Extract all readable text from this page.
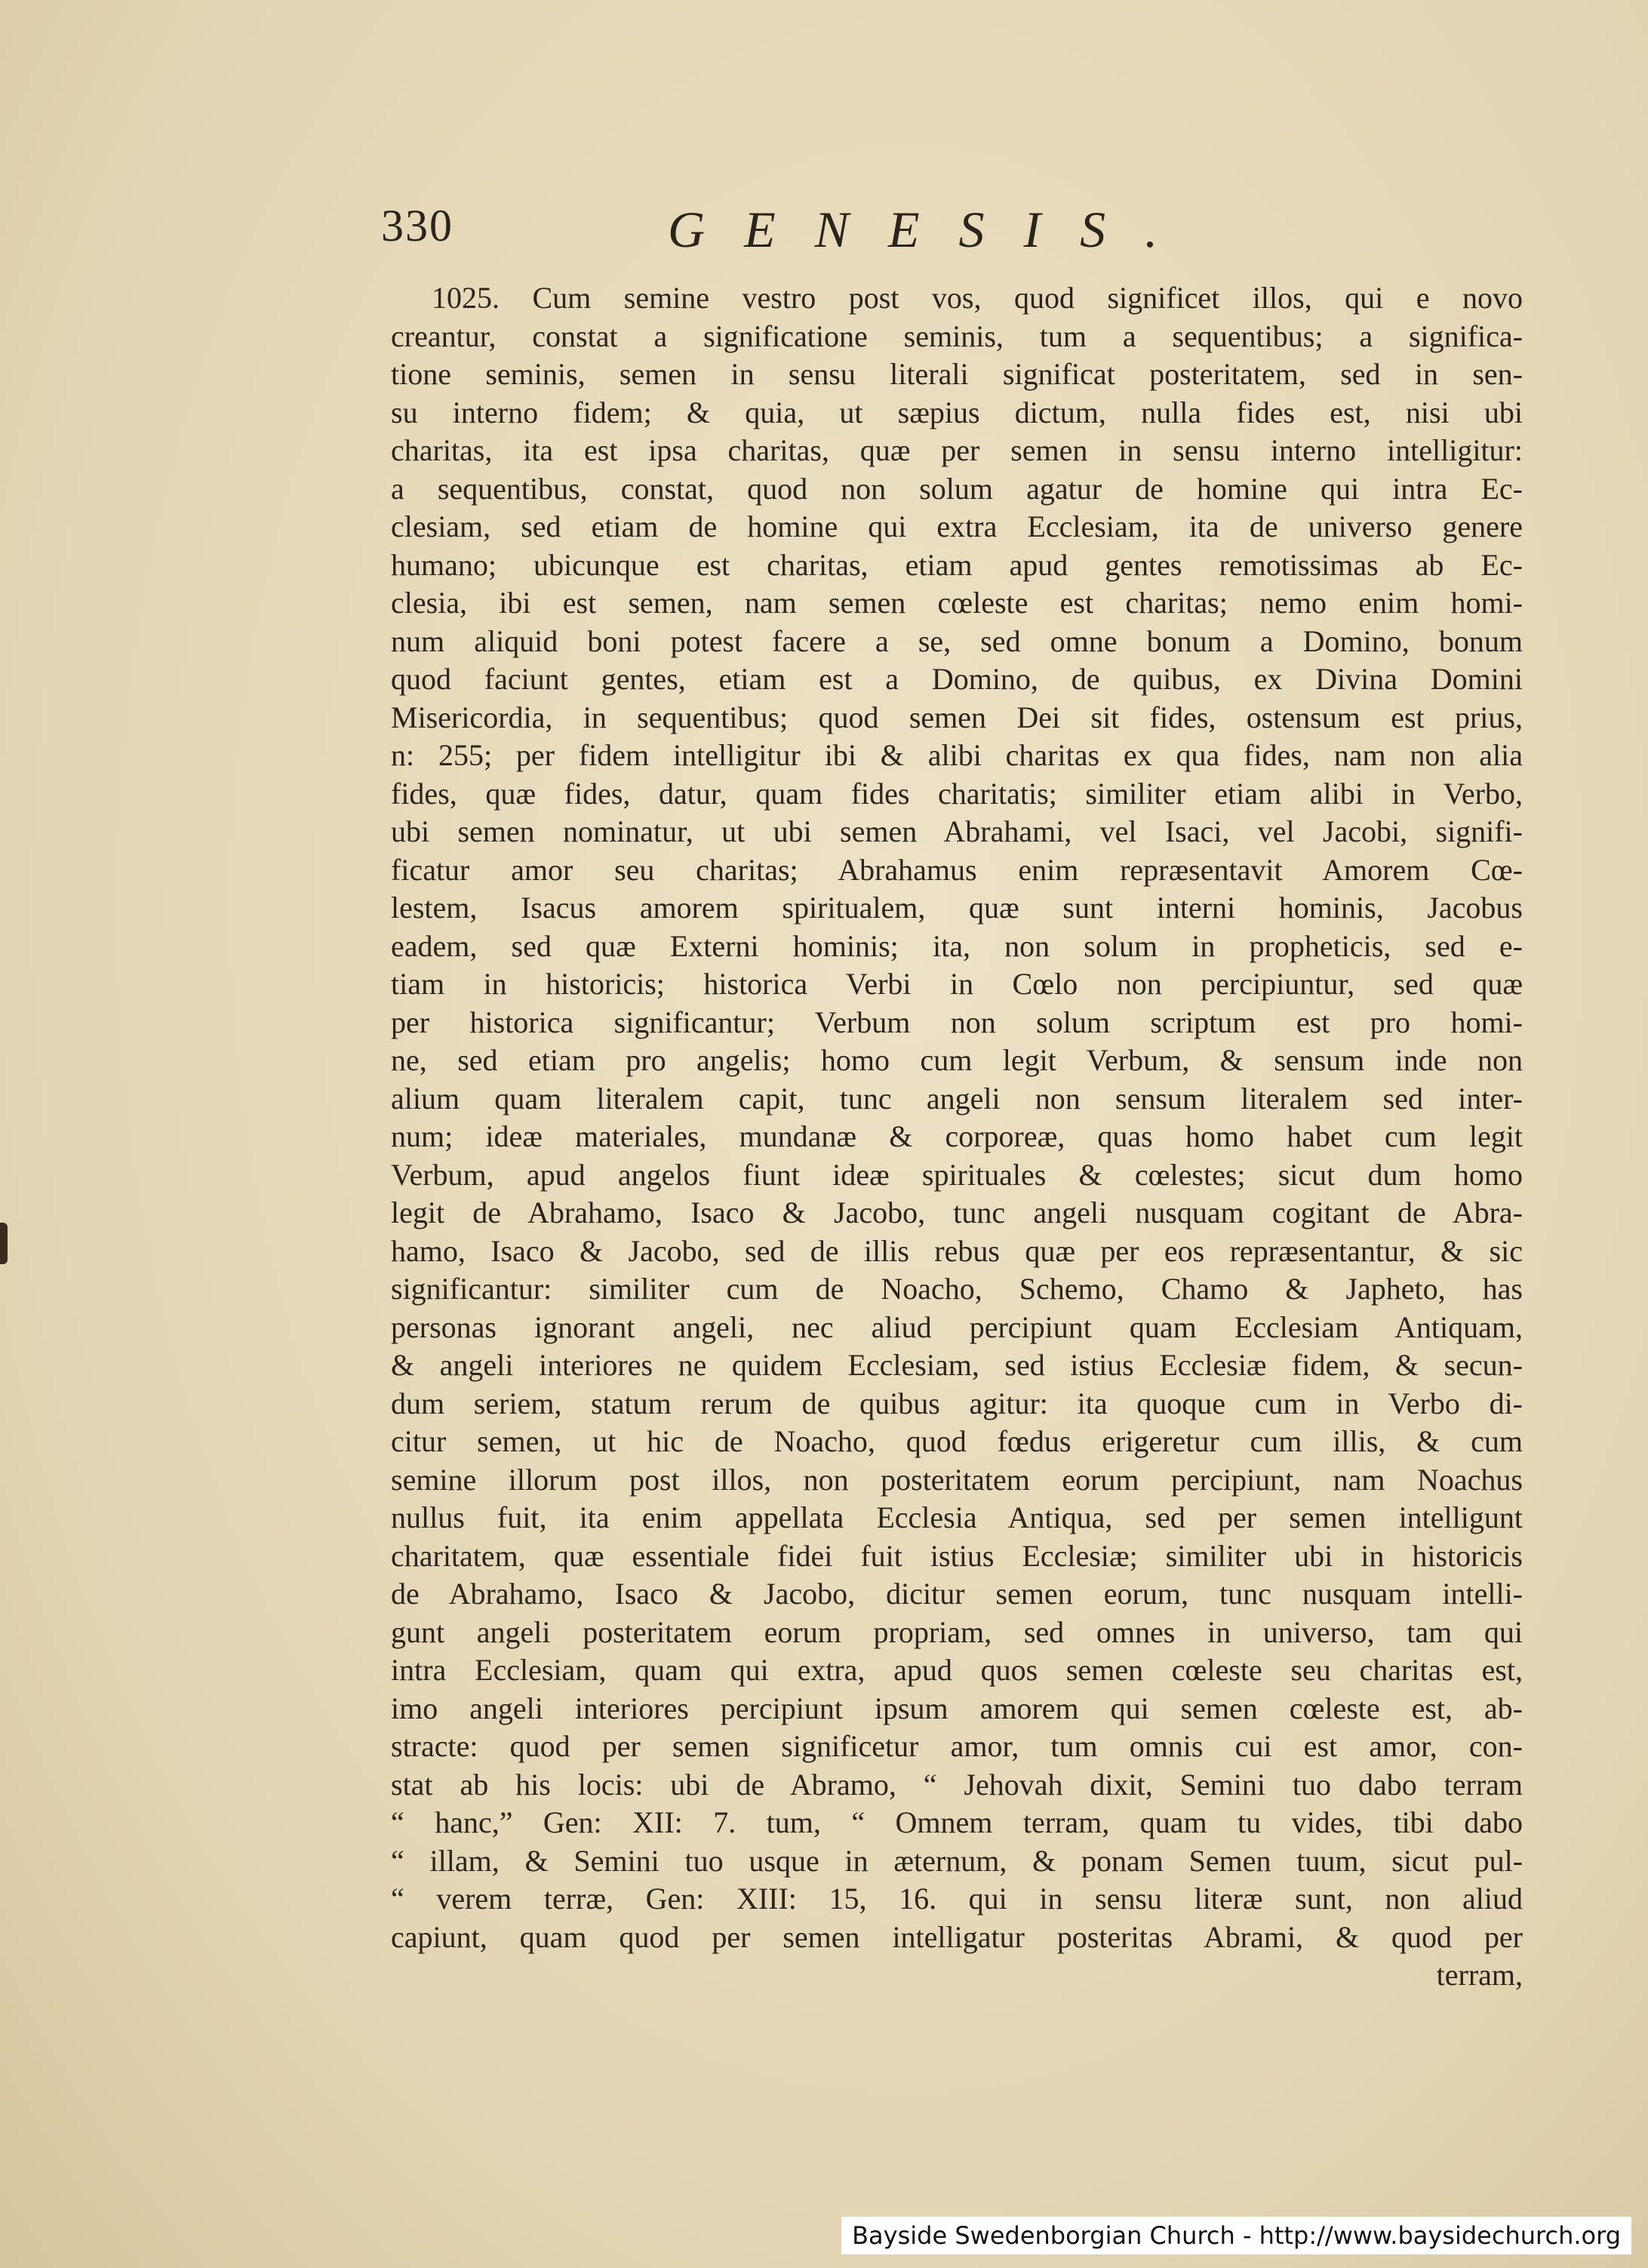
330	GENESIS.
1025. Cum semine vestro post vos, quod significet illos, qui e novo
creantur, constat a significatione seminis, tum a sequentibus; a significa-
tione seminis, semen in sensu literali significat posteritatem, sed in sen-
su interno fidem; & quia, ut sæpius dictum, nulla fides est, nisi ubi
charitas, ita est ipsa charitas, quæ per semen in sensu interno intelligitur:
a sequentibus, constat, quod non solum agatur de homine qui intra Ec-
clesiam, sed etiam de homine qui extra Ecclesiam, ita de universo genere
humano; ubicunque est charitas, etiam apud gentes remotissimas ab Ec-
clesia, ibi est semen, nam semen cœleste est charitas; nemo enim homi-
num aliquid boni potest facere a se, sed omne bonum a Domino, bonum
quod faciunt gentes, etiam est a Domino, de quibus, ex Divina Domini
Misericordia, in sequentibus; quod semen Dei sit fides, ostensum est prius,
n: 255; per fidem intelligitur ibi & alibi charitas ex qua fides, nam non alia
fides, quæ fides, datur, quam fides charitatis; similiter etiam alibi in Verbo,
ubi semen nominatur, ut ubi semen Abrahami, vel Isaci, vel Jacobi, signifi-
ficatur amor seu charitas; Abrahamus enim repræsentavit Amorem Cœ-
lestem, Isacus amorem spiritualem, quæ sunt interni hominis, Jacobus
eadem, sed quæ Externi hominis; ita, non solum in propheticis, sed e-
tiam in historicis; historica Verbi in Cœlo non percipiuntur, sed quæ
per historica significantur; Verbum non solum scriptum est pro homi-
ne, sed etiam pro angelis; homo cum legit Verbum, & sensum inde non
alium quam literalem capit, tunc angeli non sensum literalem sed inter-
num; ideæ materiales, mundanæ & corporeæ, quas homo habet cum legit
Verbum, apud angelos fiunt ideæ spirituales & cœlestes; sicut dum homo
legit de Abrahamo, Isaco & Jacobo, tunc angeli nusquam cogitant de Abra-
hamo, Isaco & Jacobo, sed de illis rebus quæ per eos repræsentantur, & sic
significantur: similiter cum de Noacho, Schemo, Chamo & Japheto, has
personas ignorant angeli, nec aliud percipiunt quam Ecclesiam Antiquam,
& angeli interiores ne quidem Ecclesiam, sed istius Ecclesiæ fidem, & secun-
dum seriem, statum rerum de quibus agitur: ita quoque cum in Verbo di-
citur semen, ut hic de Noacho, quod fœdus erigeretur cum illis, & cum
semine illorum post illos, non posteritatem eorum percipiunt, nam Noachus
nullus fuit, ita enim appellata Ecclesia Antiqua, sed per semen intelligunt
charitatem, quæ essentiale fidei fuit istius Ecclesiæ; similiter ubi in historicis
de Abrahamo, Isaco & Jacobo, dicitur semen eorum, tunc nusquam intelli-
gunt angeli posteritatem eorum propriam, sed omnes in universo, tam qui
intra Ecclesiam, quam qui extra, apud quos semen cœleste seu charitas est,
imo angeli interiores percipiunt ipsum amorem qui semen cœleste est, ab-
stracte: quod per semen significetur amor, tum omnis cui est amor, con-
stat ab his locis: ubi de Abramo, “ Jehovah dixit, Semini tuo dabo terram
“ hanc,” Gen: XII: 7. tum, “ Omnem terram, quam tu vides, tibi dabo
“ illam, & Semini tuo usque in æternum, & ponam Semen tuum, sicut pul-
“ verem terræ, Gen: XIII: 15, 16. qui in sensu literæ sunt, non aliud
capiunt, quam quod per semen intelligatur posteritas Abrami, & quod per
terram,
Bayside Swedenborgian Church - http://www.baysidechurch.org
